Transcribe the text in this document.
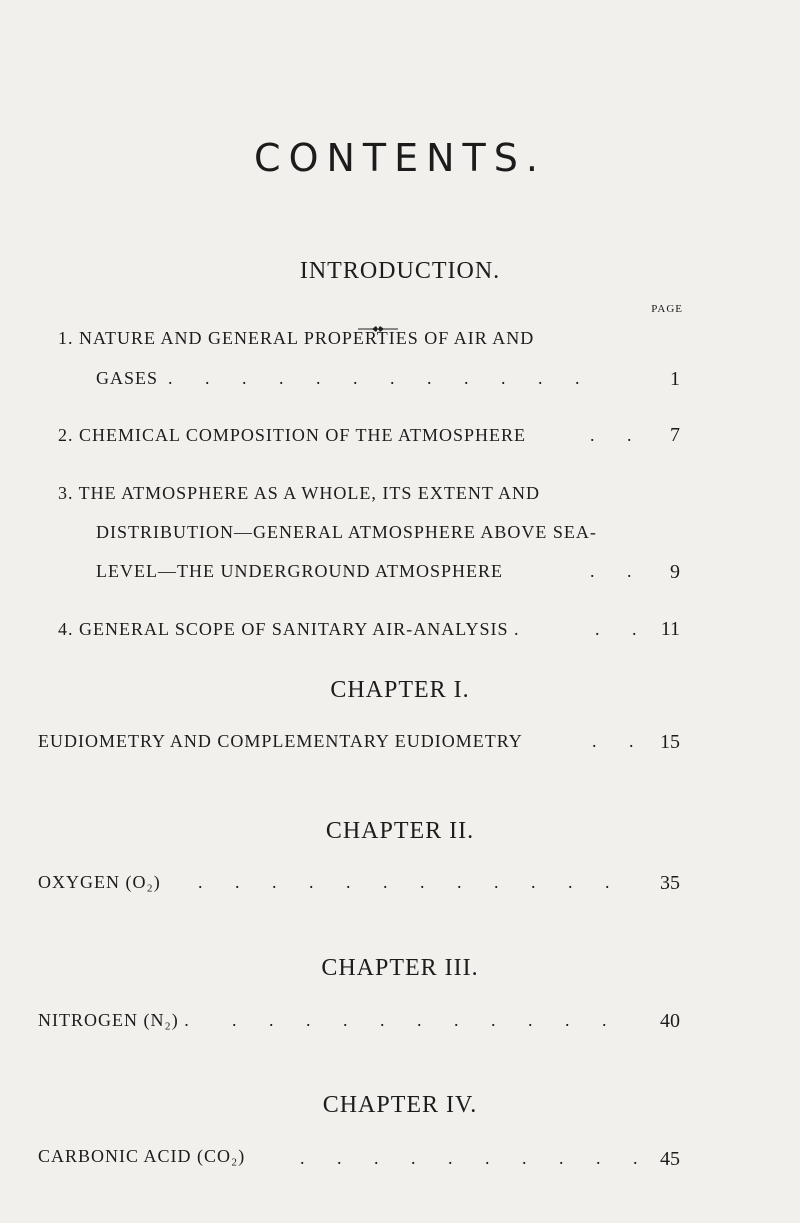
CONTENTS.
INTRODUCTION.
PAGE
1. NATURE AND GENERAL PROPERTIES OF AIR AND
GASES . . . . . . . . . . . .	1
2. CHEMICAL COMPOSITION OF THE ATMOSPHERE	. .	7
3. THE ATMOSPHERE AS A WHOLE, ITS EXTENT AND
DISTRIBUTION—GENERAL ATMOSPHERE ABOVE SEA-
LEVEL—THE UNDERGROUND ATMOSPHERE	. .	9
4. GENERAL SCOPE OF SANITARY AIR-ANALYSIS .	. . 11
CHAPTER I.
EUDIOMETRY AND COMPLEMENTARY EUDIOMETRY	. . 15
CHAPTER II.
OXYGEN (O₂) . . . . . . . . . . . .	35
CHAPTER III.
NITROGEN (N₂) . . . . . . . . . . . .	40
CHAPTER IV.
CARBONIC ACID (CO₂)	. . . . . . . . . . 45
